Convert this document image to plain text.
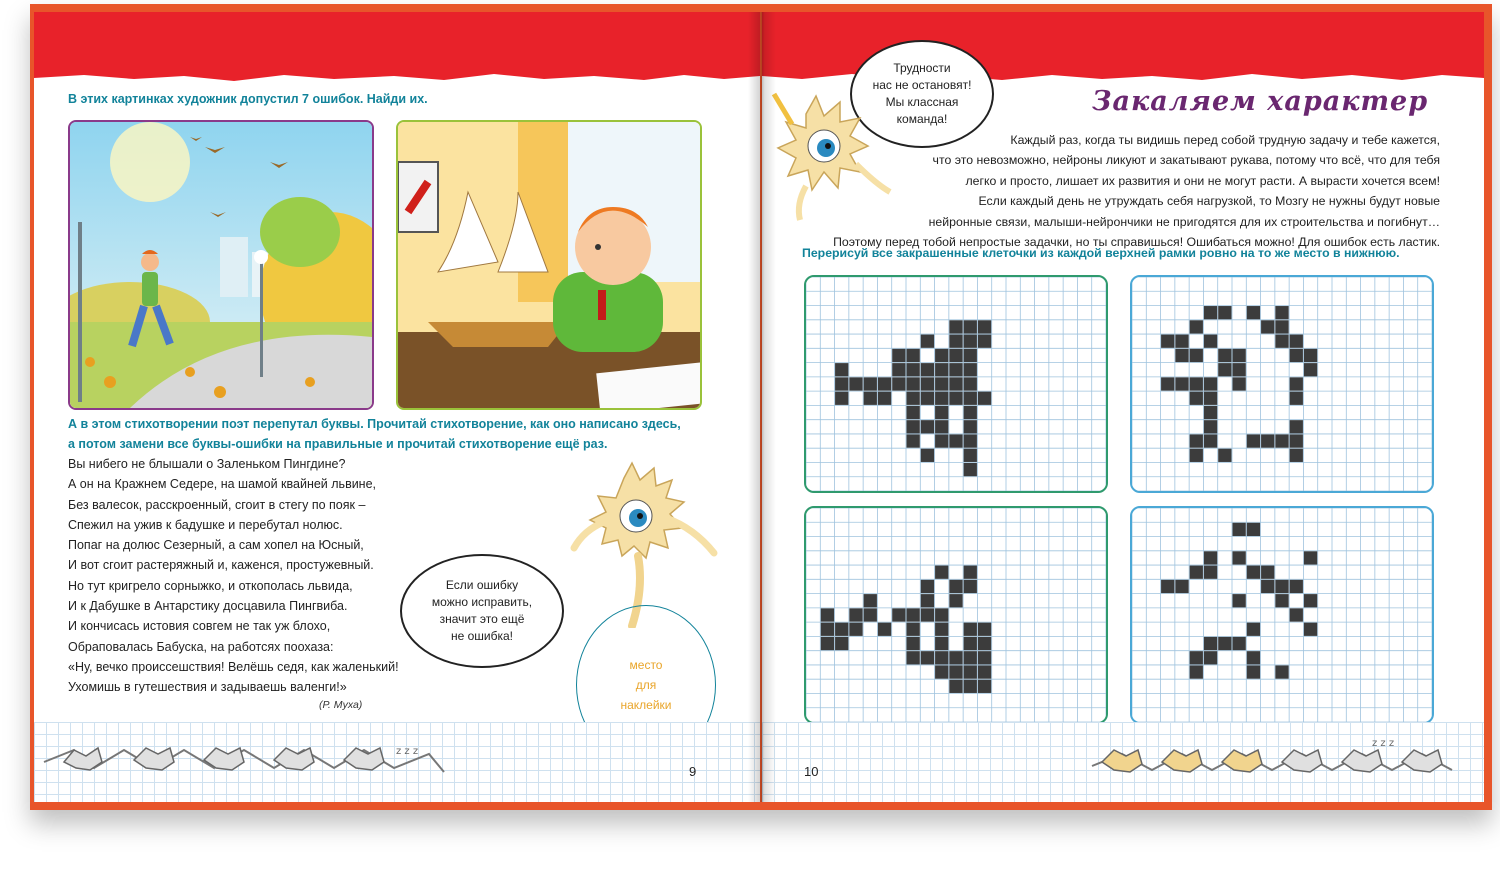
В этих картинках художник допустил 7 ошибок. Найди их.
А в этом стихотворении поэт перепутал буквы. Прочитай стихотворение, как оно написано здесь,
а потом замени все буквы-ошибки на правильные и прочитай стихотворение ещё раз.
Вы нибего не блышали о Заленьком Пингдине?
А он на Кражнем Седере, на шамой квайней львине,
Без валесок, расскроенный, сгоит в стегу по пояк –
Спежил на ужив к бадушке и перебутал нолюс.
Попаг на долюс Сезерный, а сам хопел на Юсный,
И вот сгоит растеряжный и, каженся, простужевный.
Но тут кригрело сорныжко, и откополась львида,
И к Дабушке в Антарстику досцавила Пингвиба.
И кончисась истовия совгем не так уж блохо,
Обраповалась Бабуска, на работсях поохаза:
«Ну, вечко происсешствия! Велёшь седя, как жаленький!
Ухомишь в гутешествия и задываешь валенги!»
(Р. Муха)
Если ошибку
можно исправить,
значит это ещё
не ошибка!
место
для
наклейки
z z z
9
Трудности
нас не остановят!
Мы классная
команда!
Закаляем характер
Каждый раз, когда ты видишь перед собой трудную задачу и тебе кажется,
что это невозможно, нейроны ликуют и закатывают рукава, потому что всё, что для тебя
легко и просто, лишает их развития и они не могут расти. А вырасти хочется всем!
Если каждый день не утруждать себя нагрузкой, то Мозгу не нужны будут новые
нейронные связи, малыши-нейрончики не пригодятся для их строительства и погибнут…
Поэтому перед тобой непростые задачки, но ты справишься! Ошибаться можно! Для ошибок есть ластик.
Перерисуй все закрашенные клеточки из каждой верхней рамки ровно на то же место в нижнюю.
z z z
10
